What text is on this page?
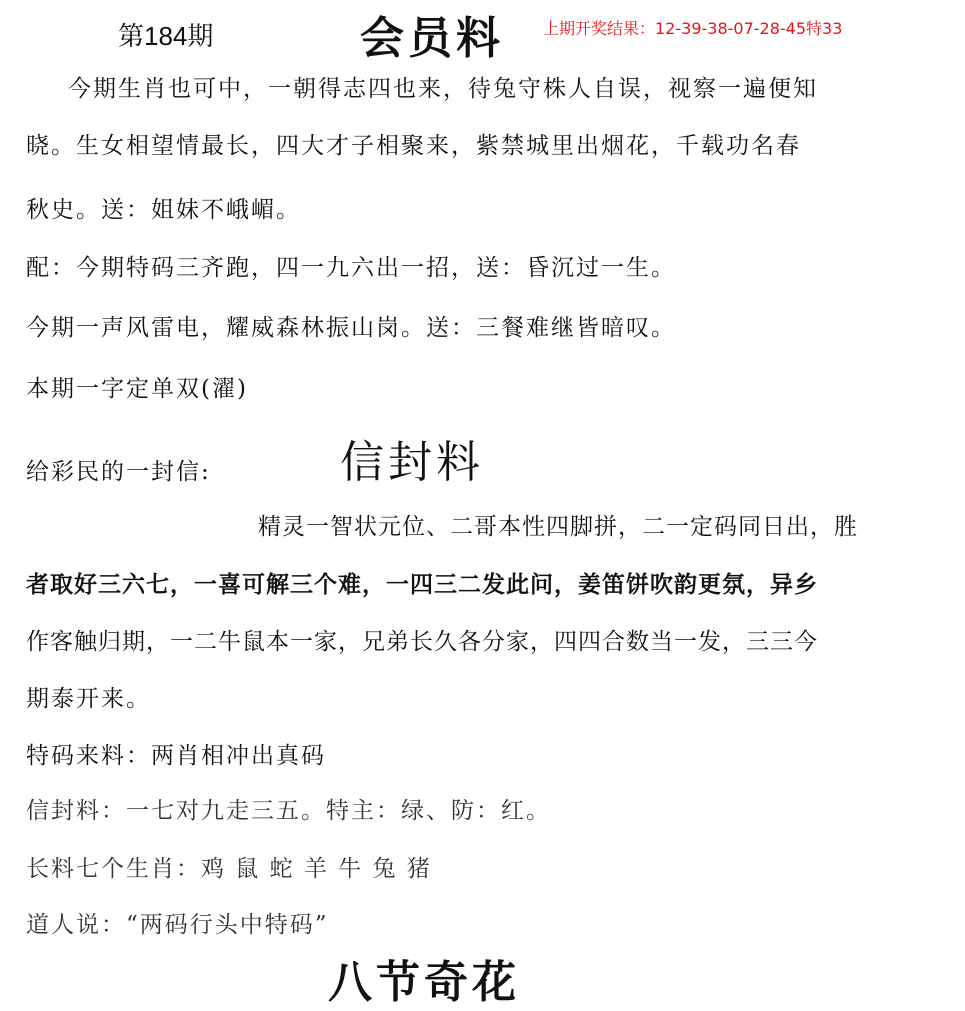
第184期	会员料 上期开奖结果：12-39-38-07-28-45特33
今期生肖也可中，一朝得志四也来，待兔守株人自误，视察一遍便知
晓。生女相望情最长，四大才子相聚来，紫禁城里出烟花，千载功名春
秋史。送：姐妹不峨嵋。
配：今期特码三齐跑，四一九六出一招，送：昏沉过一生。
今期一声风雷电，耀威森林振山岗。送：三餐难继皆暗叹。
本期一字定单双(濯)
给彩民的一封信:	信封料
精灵一智状元位、二哥本性四脚拼，二一定码同日出，胜
者取好三六七，一喜可解三个难，一四三二发此问，姜笛饼吹韵更氛，异乡
作客触归期，一二牛鼠本一家，兄弟长久各分家，四四合数当一发，三三今
期泰开来。
特码来料：两肖相冲出真码
信封料：一七对九走三五。特主：绿、防：红。
长料七个生肖：鸡 鼠 蛇 羊 牛 兔 猪
道人说：“两码行头中特码”
八节奇花
